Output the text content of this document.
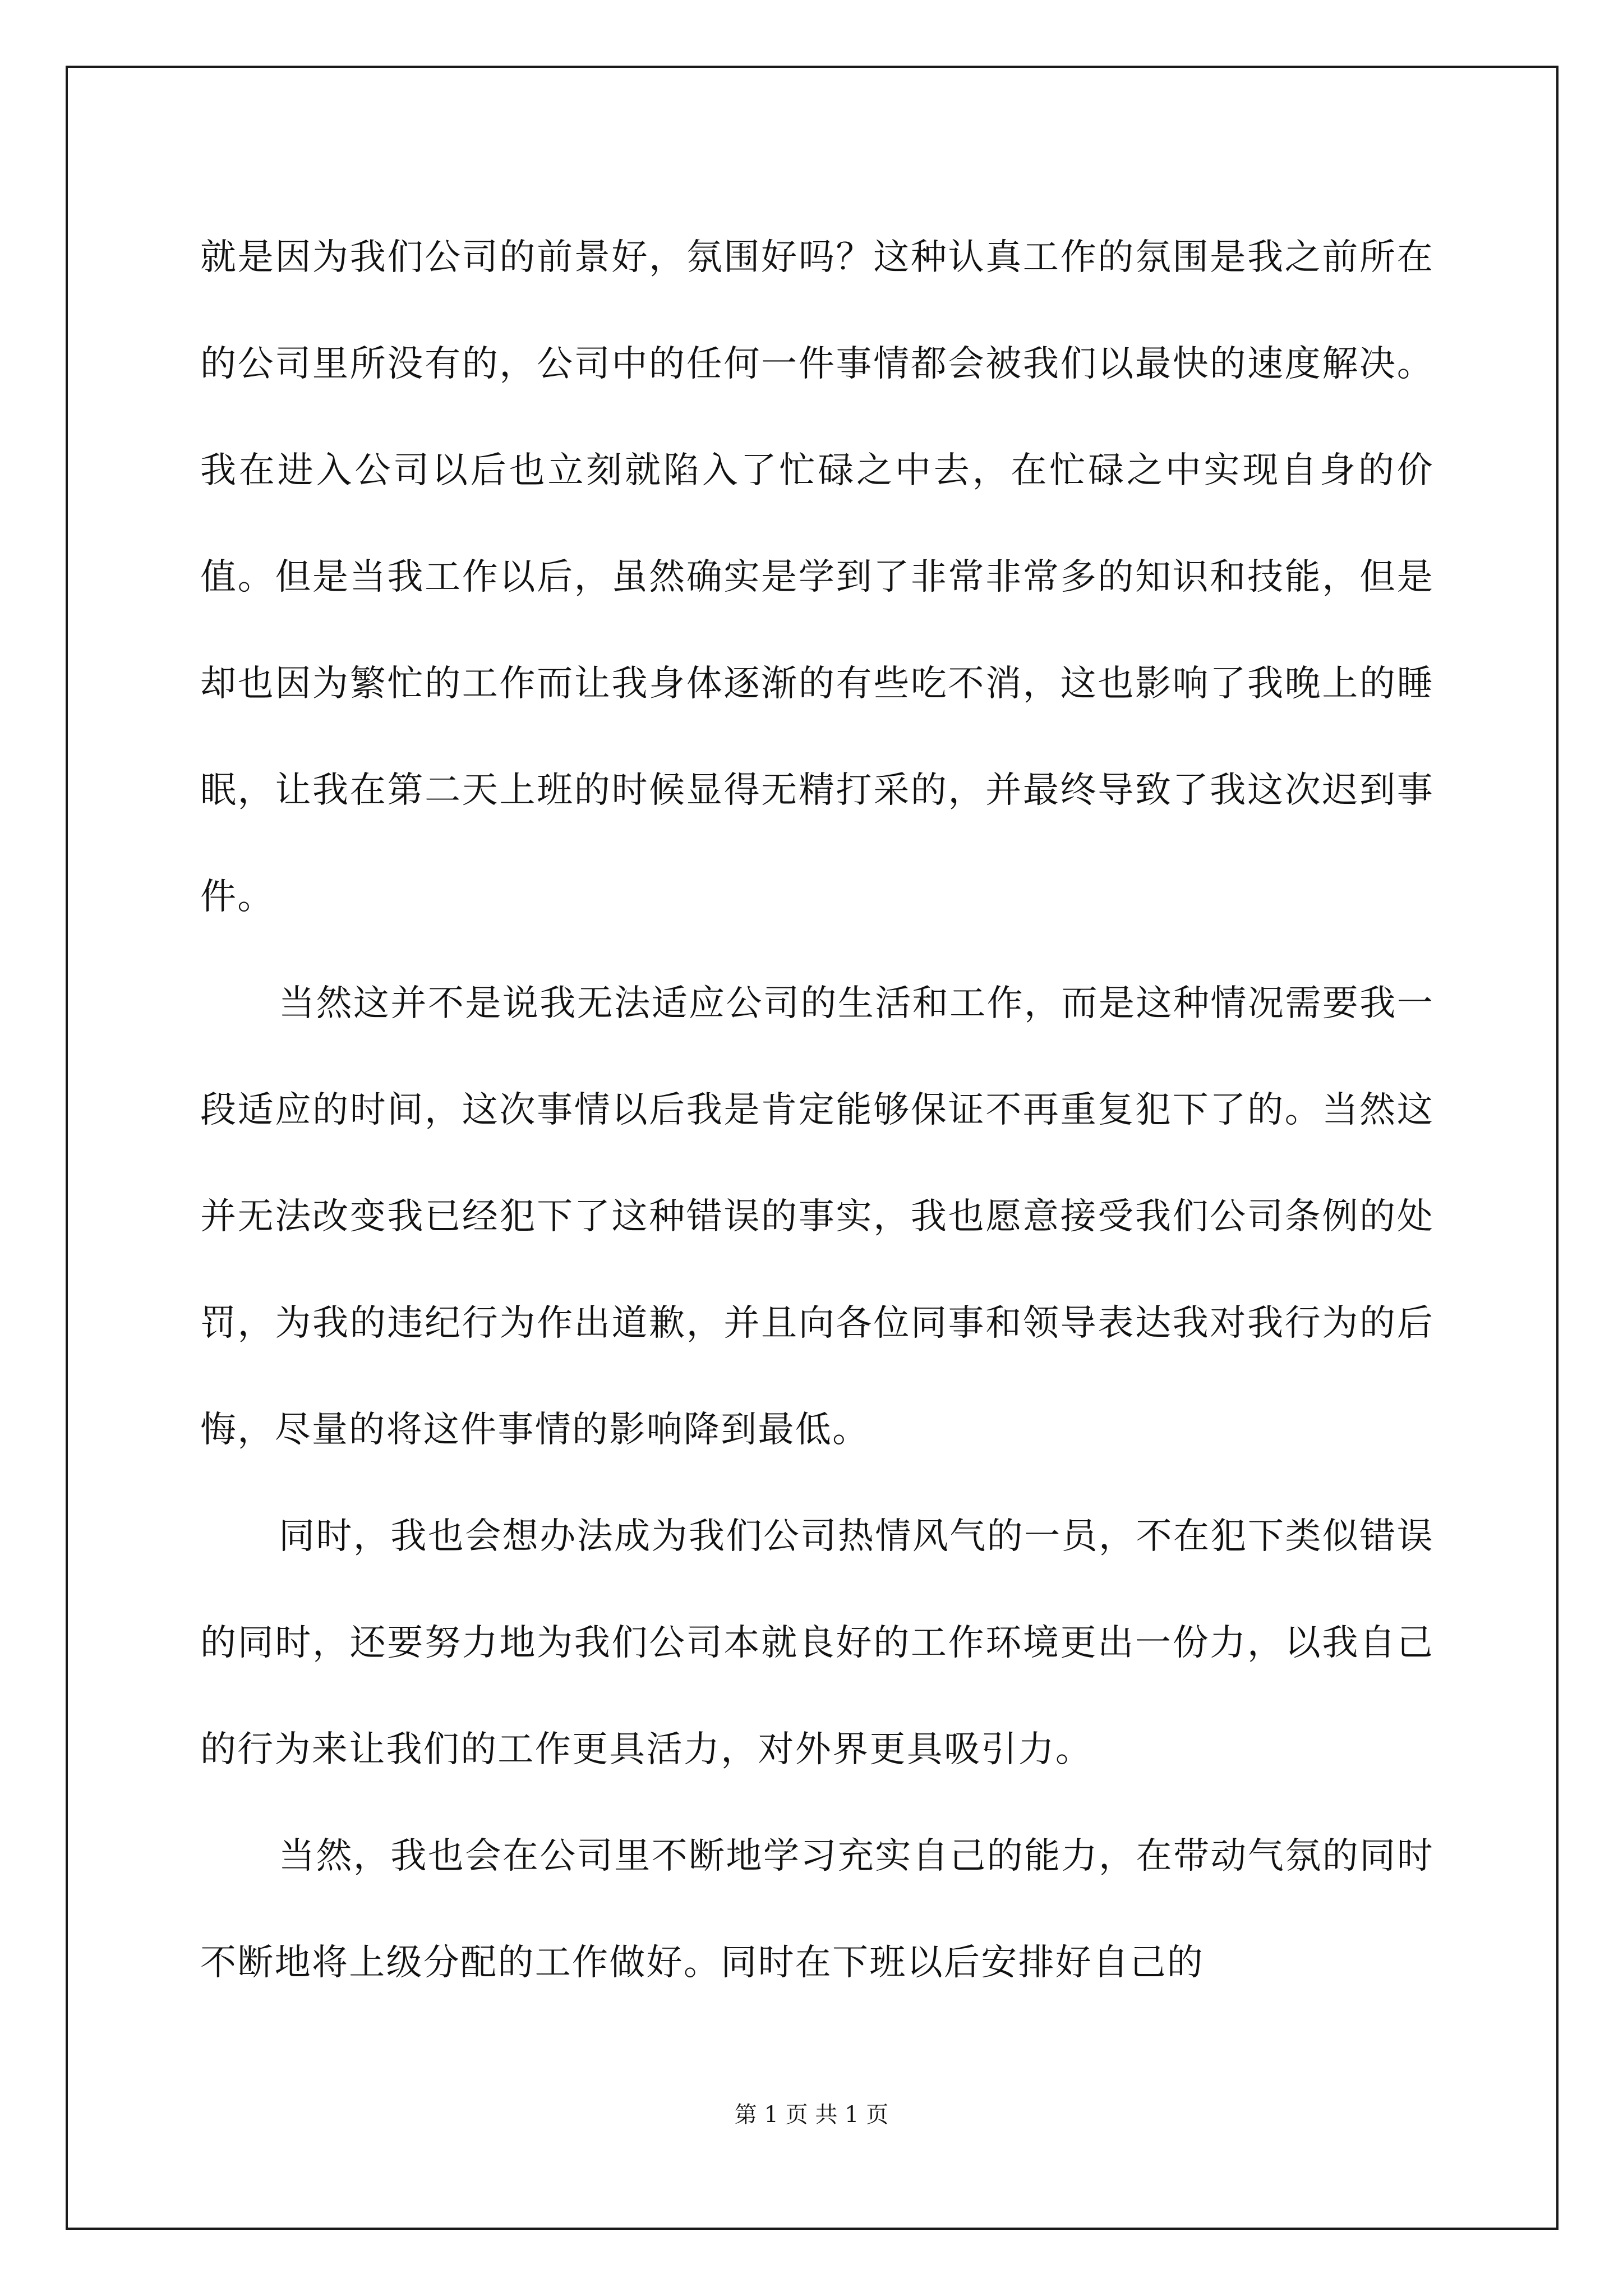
就是因为我们公司的前景好，氛围好吗？这种认真工作的氛围是我之前所在的公司里所没有的，公司中的任何一件事情都会被我们以最快的速度解决。我在进入公司以后也立刻就陷入了忙碌之中去，在忙碌之中实现自身的价值。但是当我工作以后，虽然确实是学到了非常非常多的知识和技能，但是却也因为繁忙的工作而让我身体逐渐的有些吃不消，这也影响了我晚上的睡眠，让我在第二天上班的时候显得无精打采的，并最终导致了我这次迟到事件。

当然这并不是说我无法适应公司的生活和工作，而是这种情况需要我一段适应的时间，这次事情以后我是肯定能够保证不再重复犯下了的。当然这并无法改变我已经犯下了这种错误的事实，我也愿意接受我们公司条例的处罚，为我的违纪行为作出道歉，并且向各位同事和领导表达我对我行为的后悔，尽量的将这件事情的影响降到最低。

同时，我也会想办法成为我们公司热情风气的一员，不在犯下类似错误的同时，还要努力地为我们公司本就良好的工作环境更出一份力，以我自己的行为来让我们的工作更具活力，对外界更具吸引力。

当然，我也会在公司里不断地学习充实自己的能力，在带动气氛的同时不断地将上级分配的工作做好。同时在下班以后安排好自己的

第 1 页 共 1 页
